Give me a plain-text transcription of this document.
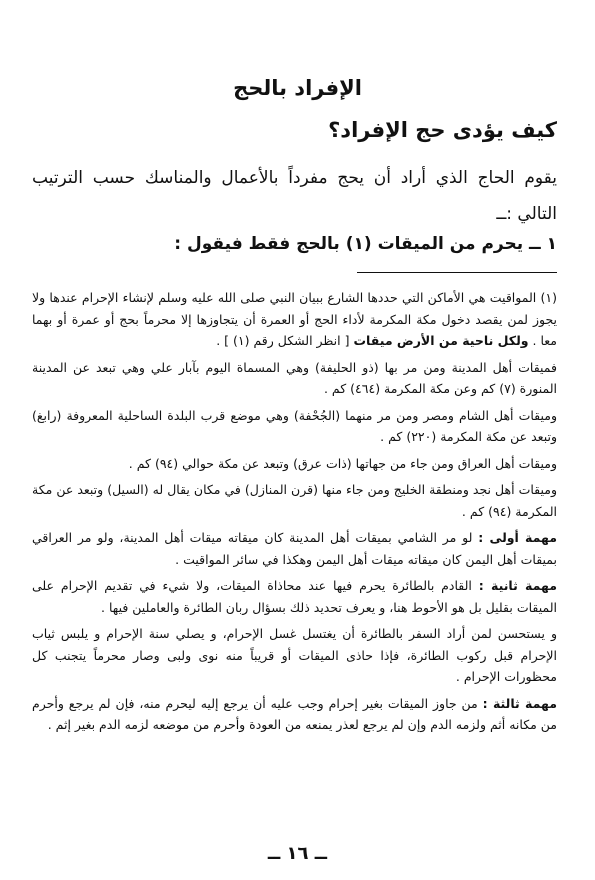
الإفراد بالحج
كيف يؤدى حج الإفراد؟
يقوم الحاج الذي أراد أن يحج مفرداً بالأعمال والمناسك حسب الترتيب التالي :ــ
١ ــ يحرم من الميقات (١) بالحج فقط فيقول :

(١) المواقيت هي الأماكن التي حددها الشارع ببيان النبي صلى الله عليه وسلم لإنشاء الإحرام عندها ولا يجوز لمن يقصد دخول مكة المكرمة لأداء الحج أو العمرة أن يتجاوزها إلا محرماً بحج أو عمرة أو بهما معا . ولكل ناحية من الأرض ميقات [ انظر الشكل رقم (١) ] .

فميقات أهل المدينة ومن مر بها (ذو الحليفة) وهي المسماة اليوم بآبار علي وهي تبعد عن المدينة المنورة (٧) كم وعن مكة المكرمة (٤٦٤) كم .

وميقات أهل الشام ومصر ومن مر منهما (الجُحْفة) وهي موضع قرب البلدة الساحلية المعروفة (رابغ) وتبعد عن مكة المكرمة (٢٢٠) كم .

وميقات أهل العراق ومن جاء من جهاتها (ذات عرق) وتبعد عن مكة حوالي (٩٤) كم .

وميقات أهل نجد ومنطقة الخليج ومن جاء منها (قرن المنازل) في مكان يقال له (السيل) وتبعد عن مكة المكرمة (٩٤) كم .

مهمة أولى : لو مر الشامي بميقات أهل المدينة كان ميقاته ميقات أهل المدينة، ولو مر العراقي بميقات أهل اليمن كان ميقاته ميقات أهل اليمن وهكذا في سائر المواقيت .

مهمة ثانية : القادم بالطائرة يحرم فيها عند محاذاة الميقات، ولا شيء في تقديم الإحرام على الميقات بقليل بل هو الأحوط هنا، و يعرف تحديد ذلك بسؤال ربان الطائرة والعاملين فيها .

و يستحسن لمن أراد السفر بالطائرة أن يغتسل غسل الإحرام، و يصلي سنة الإحرام و يلبس ثياب الإحرام قبل ركوب الطائرة، فإذا حاذى الميقات أو قريباً منه نوى ولبى وصار محرماً يتجنب كل محظورات الإحرام .

مهمة ثالثة : من جاوز الميقات بغير إحرام وجب عليه أن يرجع إليه ليحرم منه، فإن لم يرجع وأحرم من مكانه أثم ولزمه الدم وإن لم يرجع لعذر يمنعه من العودة وأحرم من موضعه لزمه الدم بغير إثم .

ــ ١٦ ــ
